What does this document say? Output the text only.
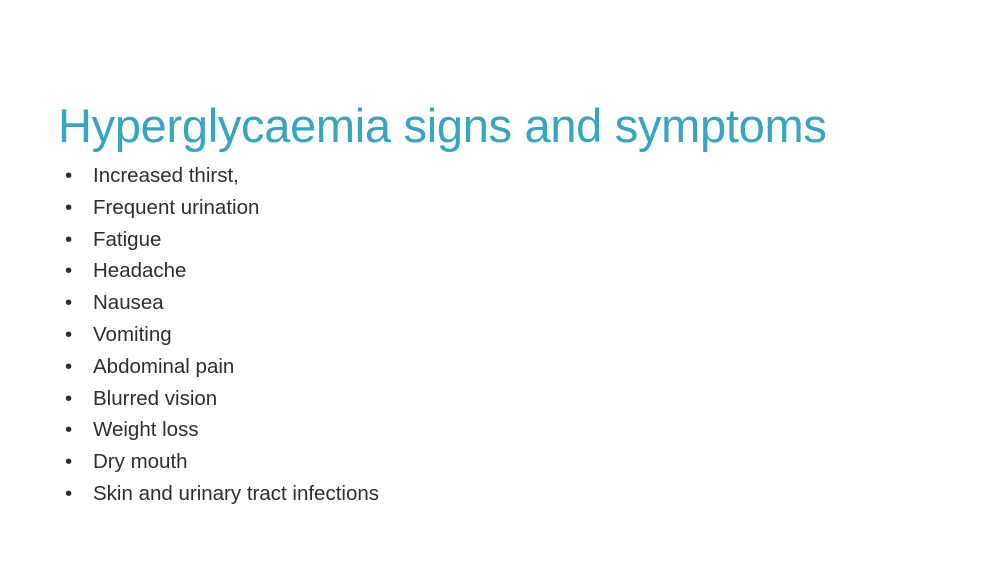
Hyperglycaemia signs and symptoms
• Increased thirst,
• Frequent urination
• Fatigue
• Headache
• Nausea
• Vomiting
• Abdominal pain
• Blurred vision
• Weight loss
• Dry mouth
• Skin and urinary tract infections
